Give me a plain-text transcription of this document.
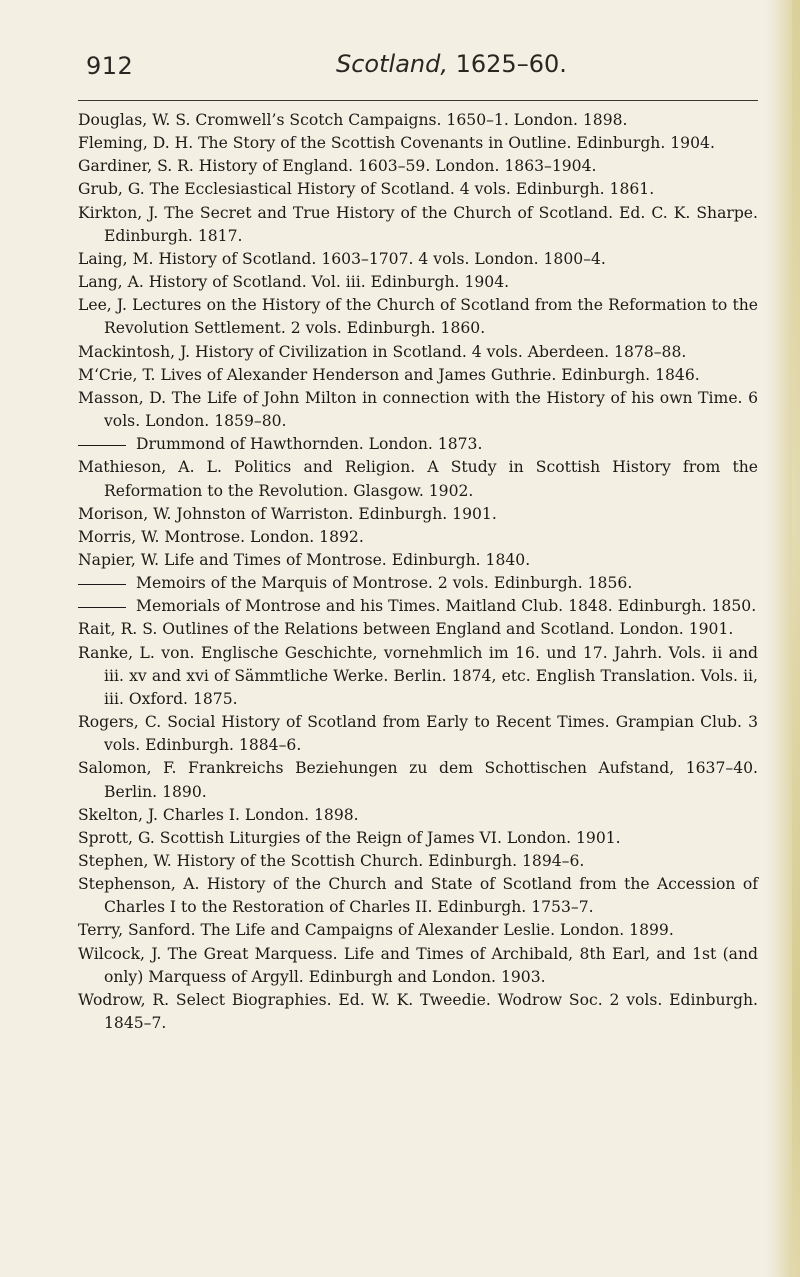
912	Scotland, 1625–60.
Douglas, W. S. Cromwell’s Scotch Campaigns. 1650–1. London. 1898.
Fleming, D. H. The Story of the Scottish Covenants in Outline. Edinburgh. 1904.
Gardiner, S. R. History of England. 1603–59. London. 1863–1904.
Grub, G. The Ecclesiastical History of Scotland. 4 vols. Edinburgh. 1861.
Kirkton, J. The Secret and True History of the Church of Scotland. Ed. C. K. Sharpe. Edinburgh. 1817.
Laing, M. History of Scotland. 1603–1707. 4 vols. London. 1800–4.
Lang, A. History of Scotland. Vol. iii. Edinburgh. 1904.
Lee, J. Lectures on the History of the Church of Scotland from the Reformation to the Revolution Settlement. 2 vols. Edinburgh. 1860.
Mackintosh, J. History of Civilization in Scotland. 4 vols. Aberdeen. 1878–88.
M‘Crie, T. Lives of Alexander Henderson and James Guthrie. Edinburgh. 1846.
Masson, D. The Life of John Milton in connection with the History of his own Time. 6 vols. London. 1859–80.
Drummond of Hawthornden. London. 1873.
Mathieson, A. L. Politics and Religion. A Study in Scottish History from the Reformation to the Revolution. Glasgow. 1902.
Morison, W. Johnston of Warriston. Edinburgh. 1901.
Morris, W. Montrose. London. 1892.
Napier, W. Life and Times of Montrose. Edinburgh. 1840.
Memoirs of the Marquis of Montrose. 2 vols. Edinburgh. 1856.
Memorials of Montrose and his Times. Maitland Club. 1848. Edinburgh. 1850.
Rait, R. S. Outlines of the Relations between England and Scotland. London. 1901.
Ranke, L. von. Englische Geschichte, vornehmlich im 16. und 17. Jahrh. Vols. ii and iii. xv and xvi of Sämmtliche Werke. Berlin. 1874, etc. English Translation. Vols. ii, iii. Oxford. 1875.
Rogers, C. Social History of Scotland from Early to Recent Times. Grampian Club. 3 vols. Edinburgh. 1884–6.
Salomon, F. Frankreichs Beziehungen zu dem Schottischen Aufstand, 1637–40. Berlin. 1890.
Skelton, J. Charles I. London. 1898.
Sprott, G. Scottish Liturgies of the Reign of James VI. London. 1901.
Stephen, W. History of the Scottish Church. Edinburgh. 1894–6.
Stephenson, A. History of the Church and State of Scotland from the Accession of Charles I to the Restoration of Charles II. Edinburgh. 1753–7.
Terry, Sanford. The Life and Campaigns of Alexander Leslie. London. 1899.
Wilcock, J. The Great Marquess. Life and Times of Archibald, 8th Earl, and 1st (and only) Marquess of Argyll. Edinburgh and London. 1903.
Wodrow, R. Select Biographies. Ed. W. K. Tweedie. Wodrow Soc. 2 vols. Edinburgh. 1845–7.
